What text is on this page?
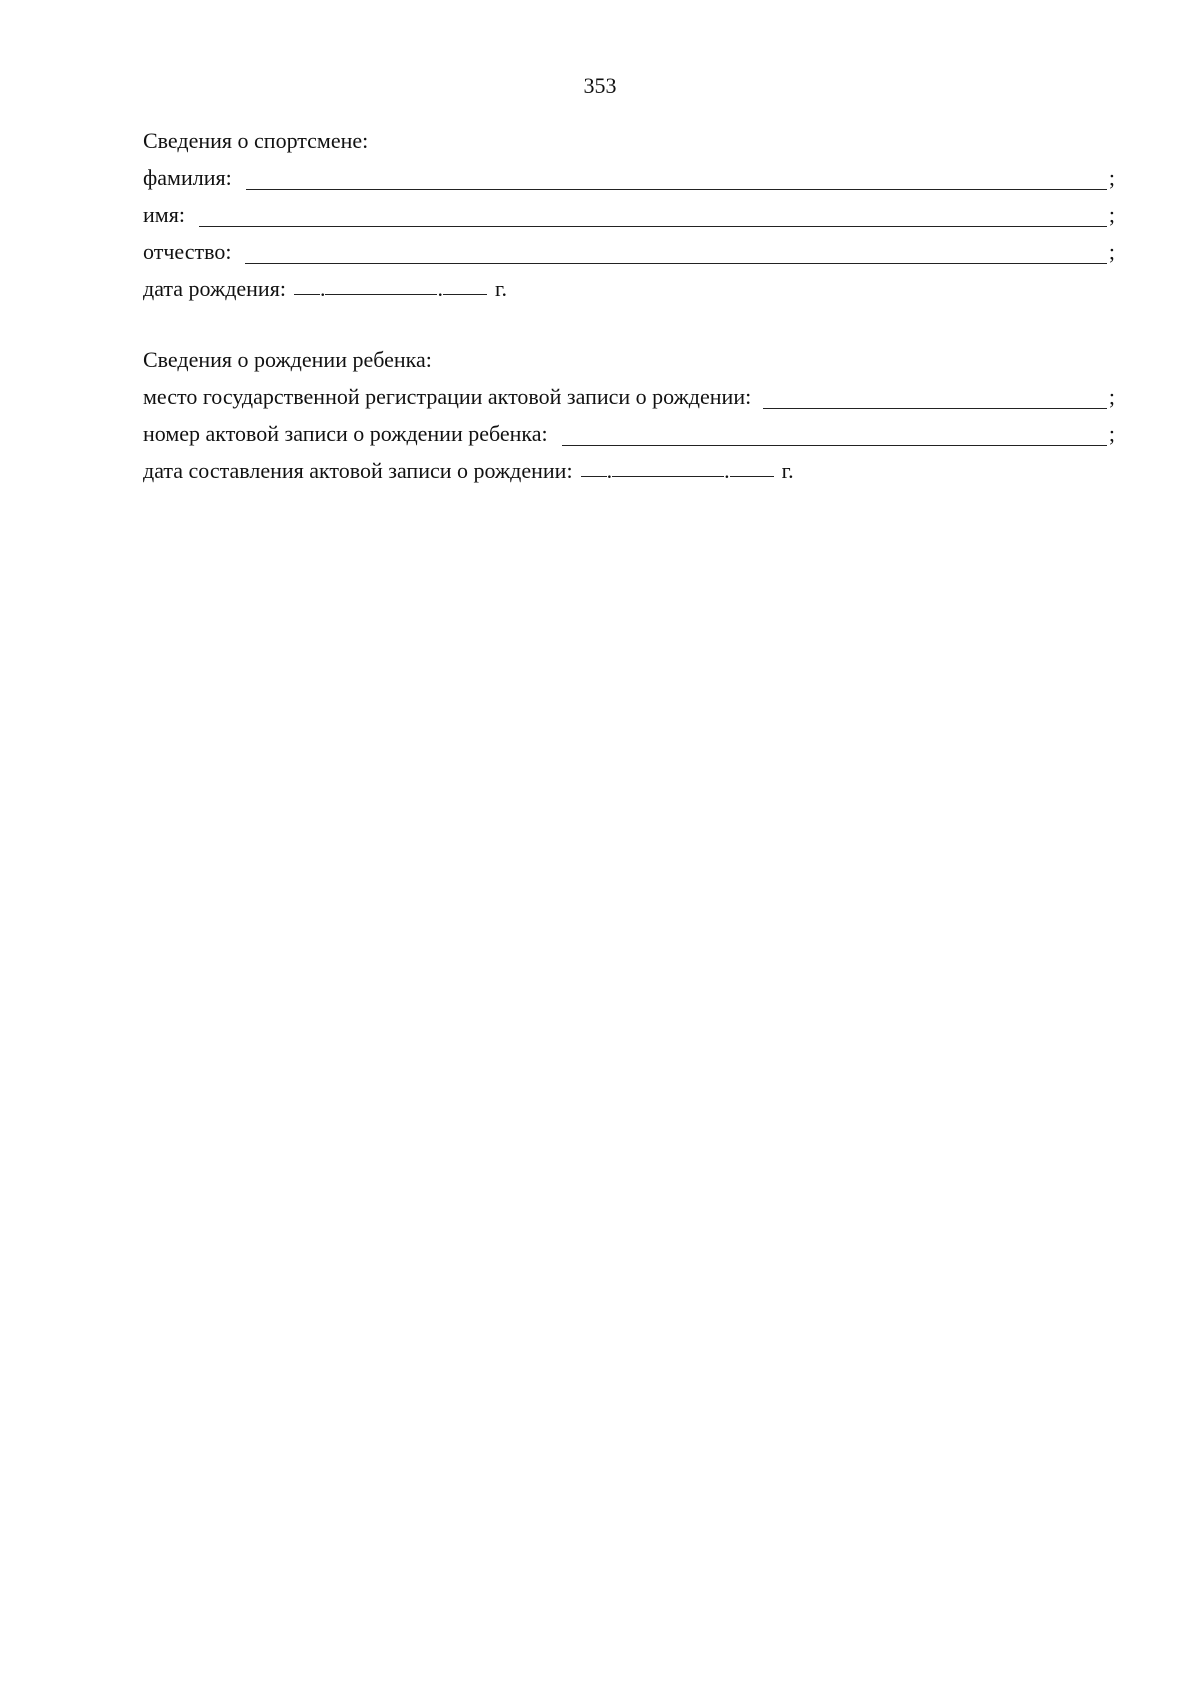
353
Сведения о спортсмене:
фамилия:	;
имя:	;
отчество:	;
дата рождения: .	. г.
Сведения о рождении ребенка:
место государственной регистрации актовой записи о рождении:	;
номер актовой записи о рождении ребенка:	;
дата составления актовой записи о рождении: .	. г.
